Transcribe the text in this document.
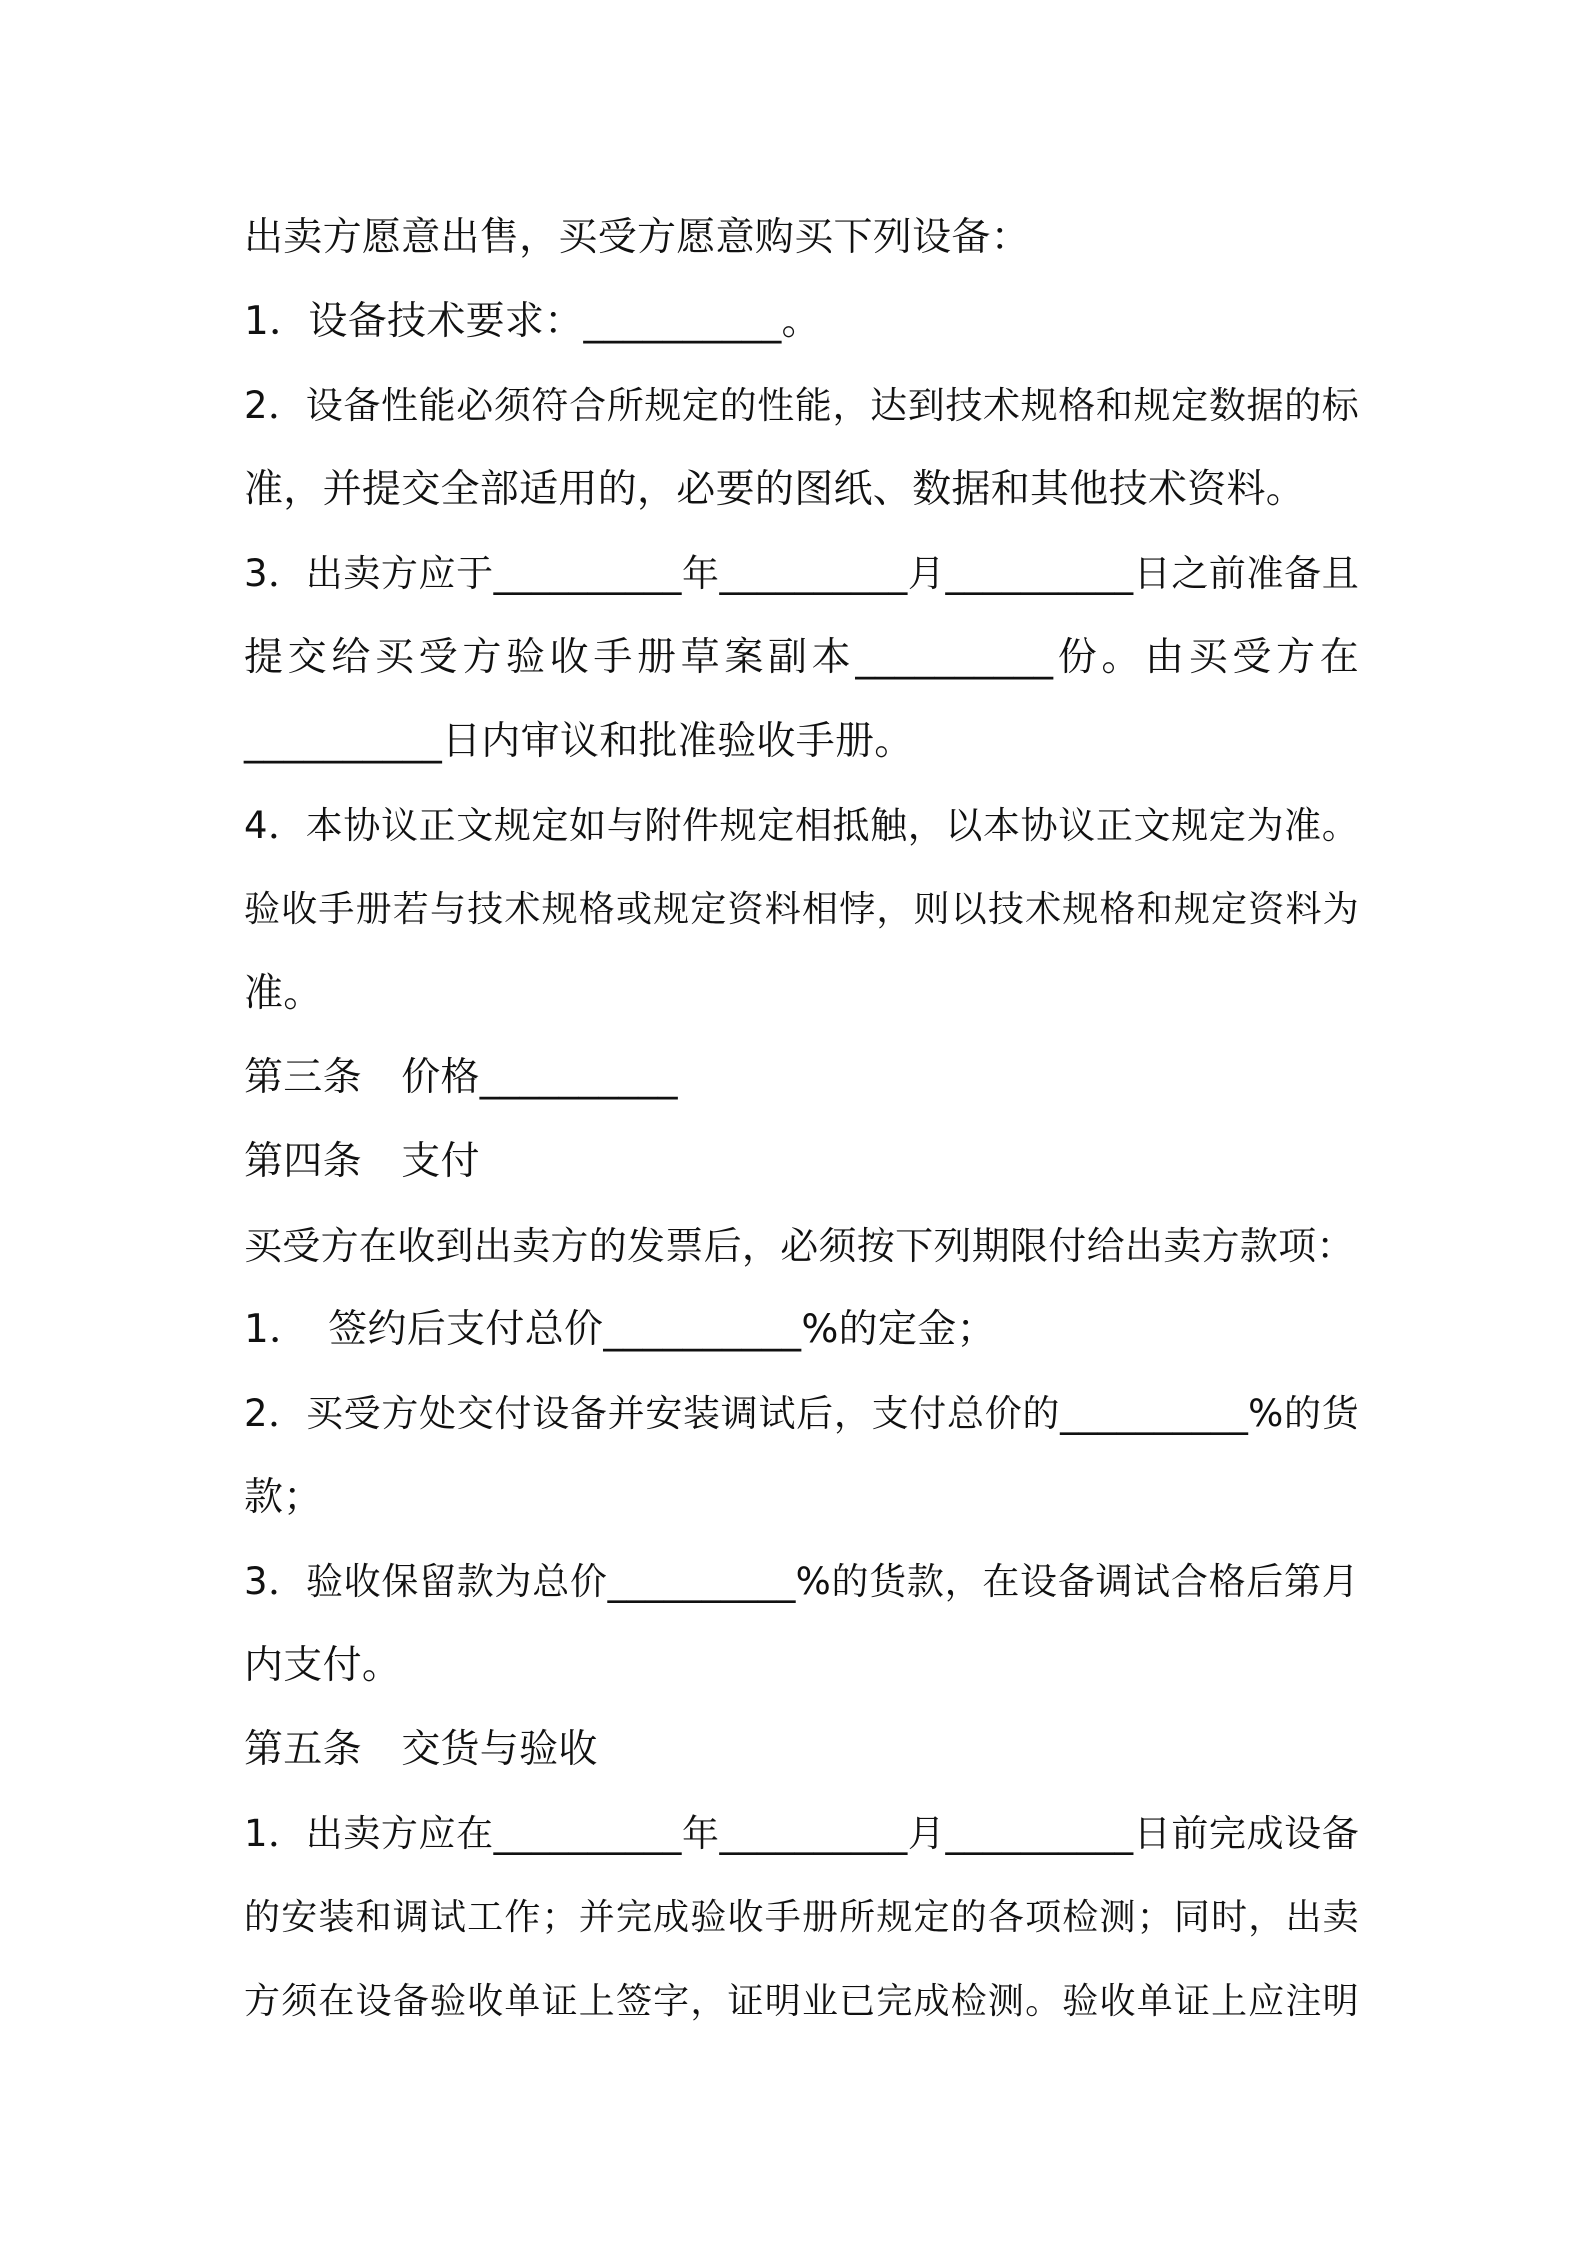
出卖方愿意出售，买受方愿意购买下列设备：
1．设备技术要求：__________。
2．设备性能必须符合所规定的性能，达到技术规格和规定数据的标
准，并提交全部适用的，必要的图纸、数据和其他技术资料。
3．出卖方应于__________年__________月__________日之前准备且
提交给买受方验收手册草案副本__________份。由买受方在
__________日内审议和批准验收手册。
4．本协议正文规定如与附件规定相抵触，以本协议正文规定为准。
验收手册若与技术规格或规定资料相悖，则以技术规格和规定资料为
准。
第三条　价格__________
第四条　支付
买受方在收到出卖方的发票后，必须按下列期限付给出卖方款项：
1．　签约后支付总价__________%的定金；
2．买受方处交付设备并安装调试后，支付总价的__________%的货
款；
3．验收保留款为总价__________%的货款，在设备调试合格后第月
内支付。
第五条　交货与验收
1．出卖方应在__________年__________月__________日前完成设备
的安装和调试工作；并完成验收手册所规定的各项检测；同时，出卖
方须在设备验收单证上签字，证明业已完成检测。验收单证上应注明
